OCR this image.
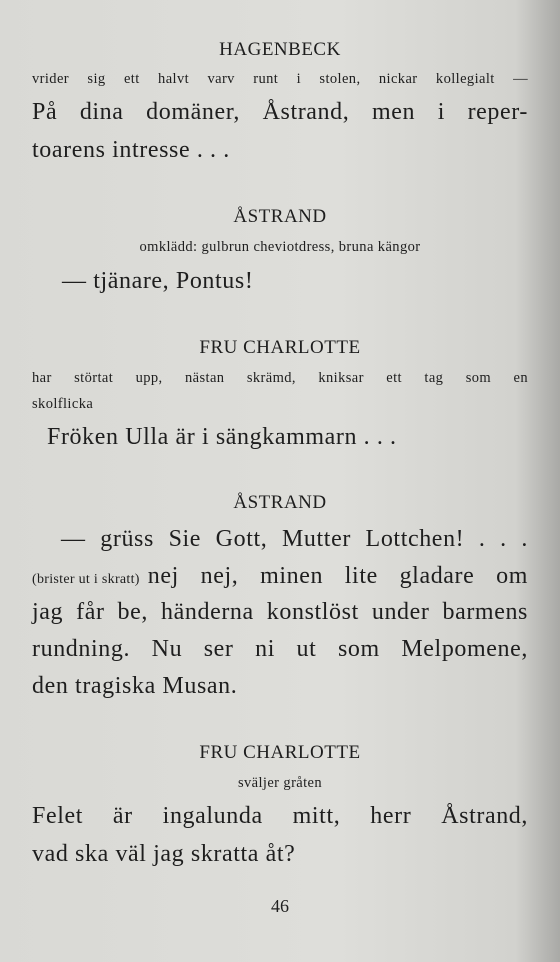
HAGENBECK
vrider sig ett halvt varv runt i stolen, nickar kollegialt —
På dina domäner, Åstrand, men i reper-
toarens intresse . . .
ÅSTRAND
omklädd: gulbrun cheviotdress, bruna kängor
— tjänare, Pontus!
FRU CHARLOTTE
har störtat upp, nästan skrämd, kniksar ett tag som en
skolflicka
Fröken Ulla är i sängkammarn . . .
ÅSTRAND
— grüss Sie Gott, Mutter Lottchen! . . .
(brister ut i skratt) nej nej, minen lite gladare om
jag får be, händerna konstlöst under barmens
rundning. Nu ser ni ut som Melpomene,
den tragiska Musan.
FRU CHARLOTTE
sväljer gråten
Felet är ingalunda mitt, herr Åstrand,
vad ska väl jag skratta åt?
46
